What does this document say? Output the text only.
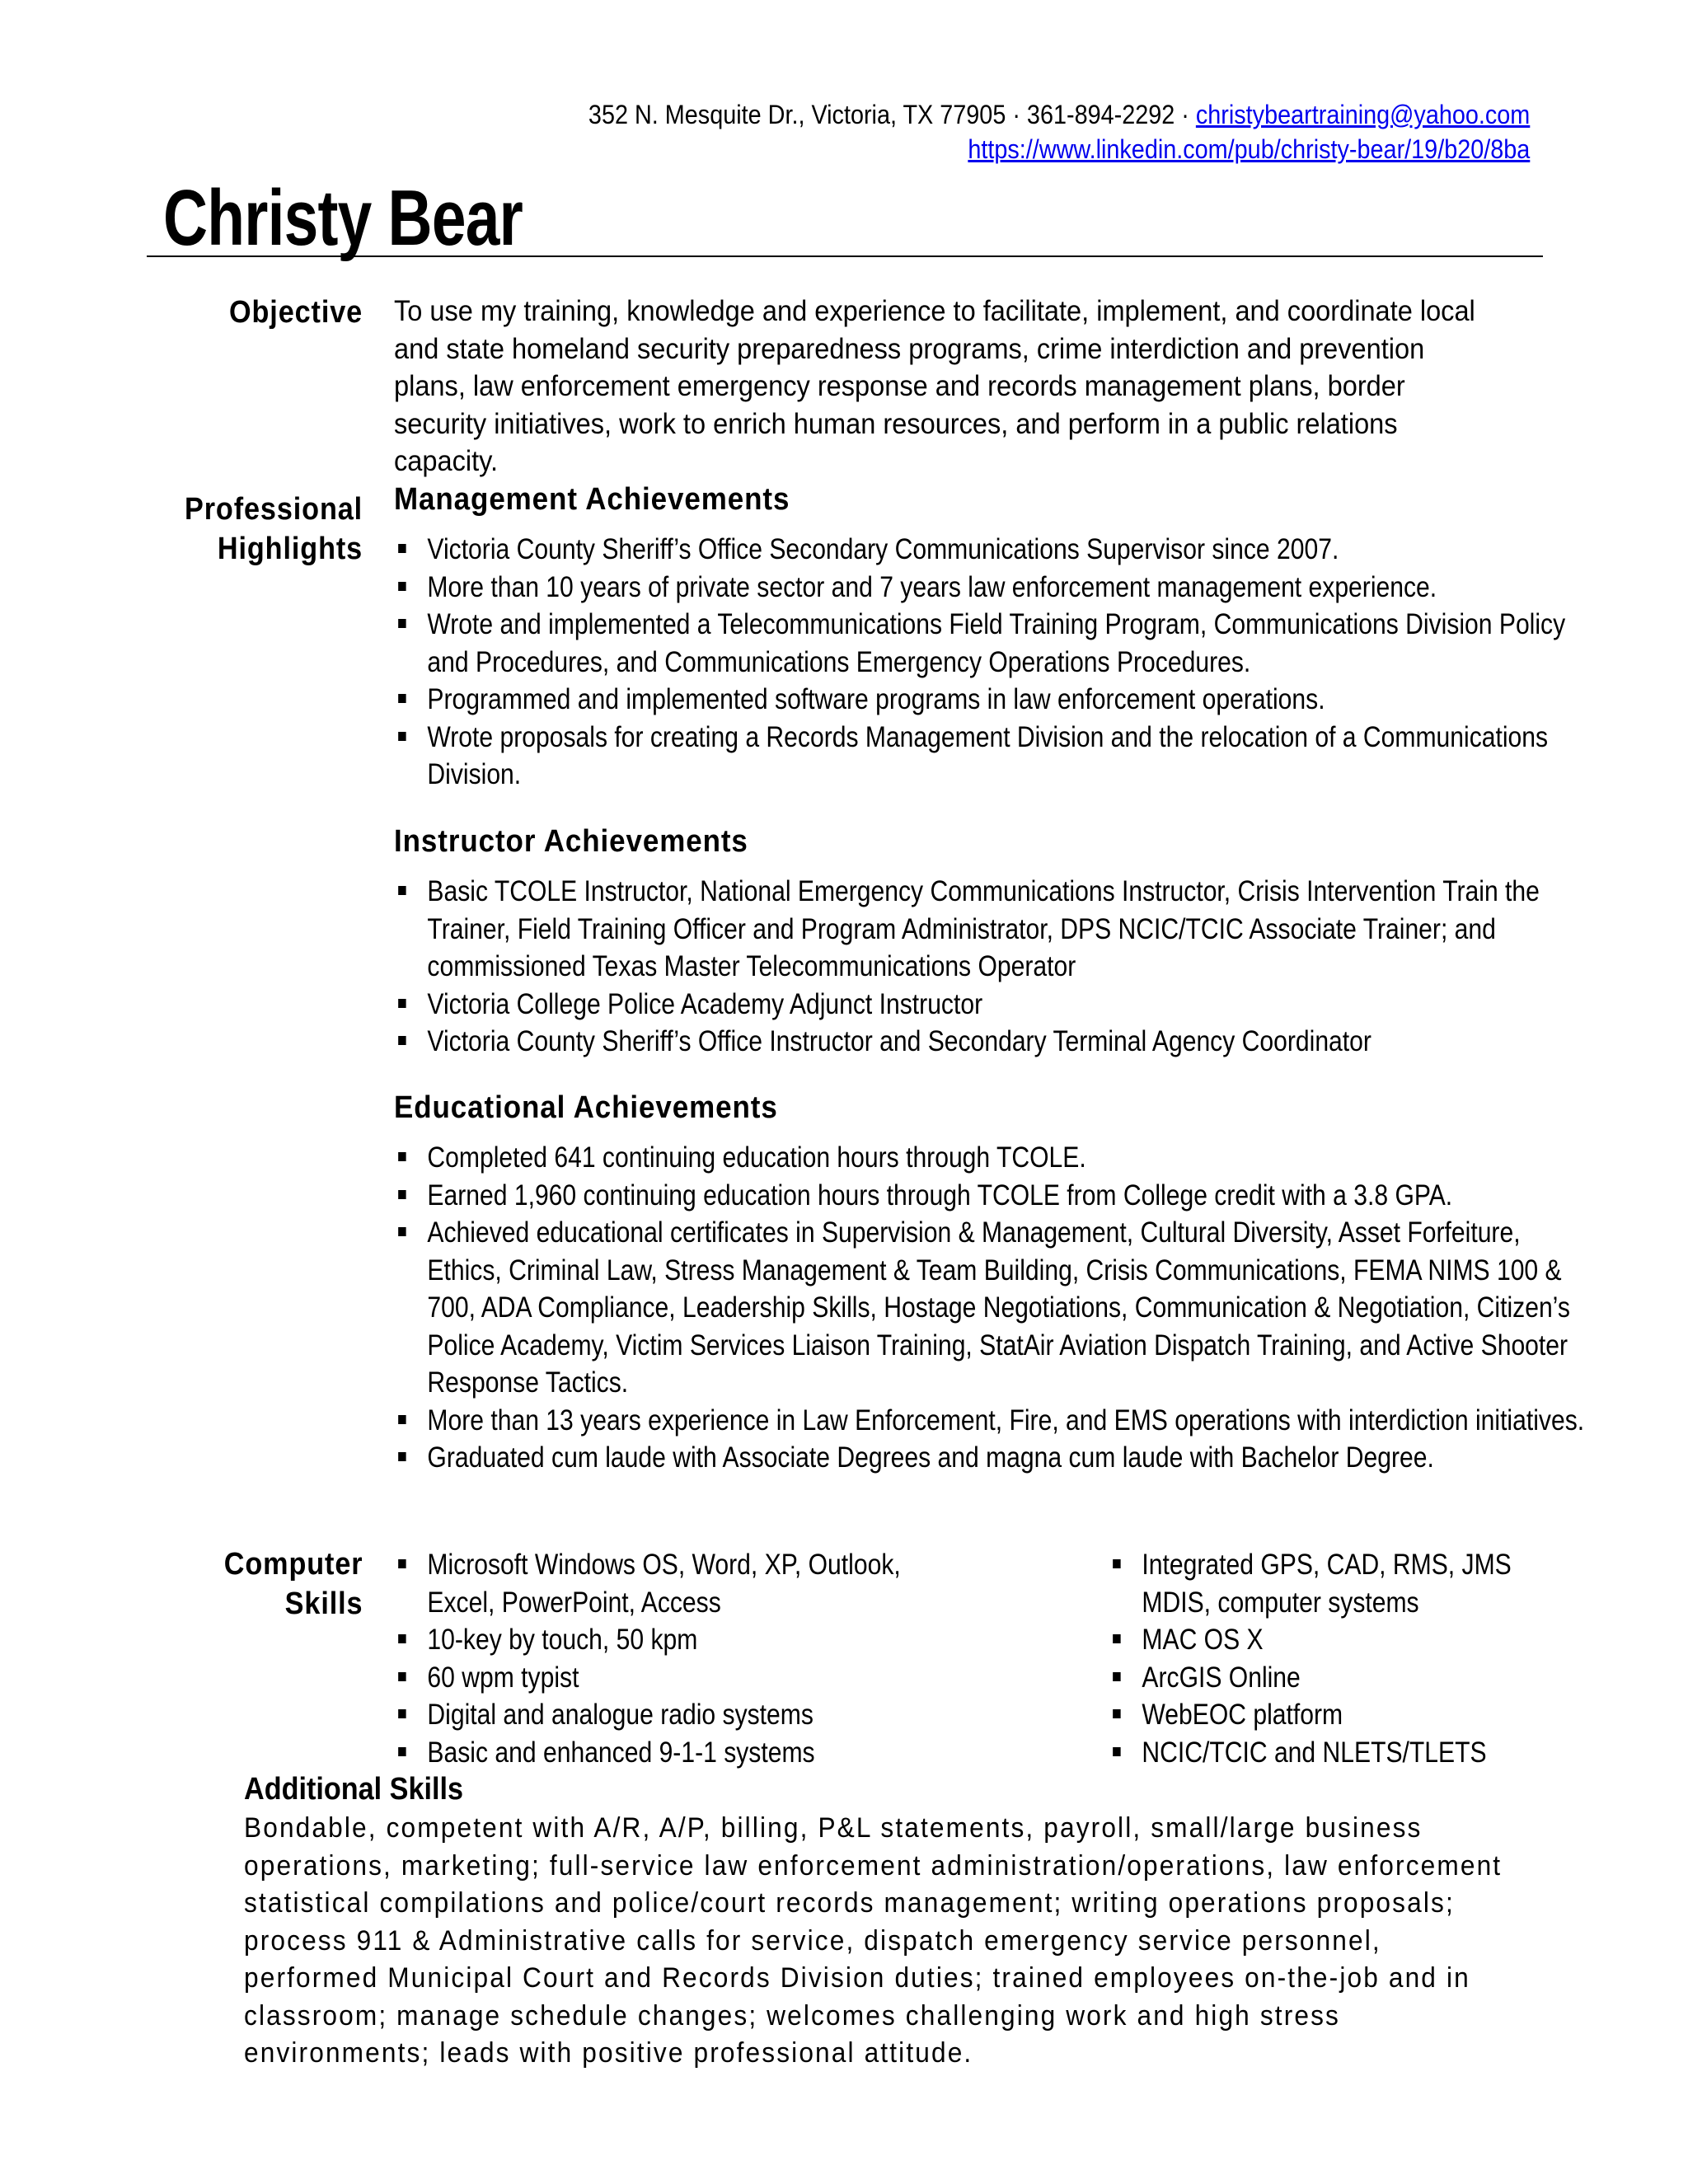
352 N. Mesquite Dr., Victoria, TX 77905 · 361-894-2292 · christybeartraining@yahoo.com
https://www.linkedin.com/pub/christy-bear/19/b20/8ba
Christy Bear
Objective To use my training, knowledge and experience to facilitate, implement, and coordinate local and state homeland security preparedness programs, crime interdiction and prevention plans, law enforcement emergency response and records management plans, border security initiatives, work to enrich human resources, and perform in a public relations capacity.
Professional
Highlights
Management Achievements
Victoria County Sheriff’s Office Secondary Communications Supervisor since 2007.
More than 10 years of private sector and 7 years law enforcement management experience.
Wrote and implemented a Telecommunications Field Training Program, Communications Division Policy and Procedures, and Communications Emergency Operations Procedures.
Programmed and implemented software programs in law enforcement operations.
Wrote proposals for creating a Records Management Division and the relocation of a Communications Division.
Instructor Achievements
Basic TCOLE Instructor, National Emergency Communications Instructor, Crisis Intervention Train the Trainer, Field Training Officer and Program Administrator, DPS NCIC/TCIC Associate Trainer; and commissioned Texas Master Telecommunications Operator
Victoria College Police Academy Adjunct Instructor
Victoria County Sheriff’s Office Instructor and Secondary Terminal Agency Coordinator
Educational Achievements
Completed 641 continuing education hours through TCOLE.
Earned 1,960 continuing education hours through TCOLE from College credit with a 3.8 GPA.
Achieved educational certificates in Supervision & Management, Cultural Diversity, Asset Forfeiture, Ethics, Criminal Law, Stress Management & Team Building, Crisis Communications, FEMA NIMS 100 & 700, ADA Compliance, Leadership Skills, Hostage Negotiations, Communication & Negotiation, Citizen’s Police Academy, Victim Services Liaison Training, StatAir Aviation Dispatch Training, and Active Shooter Response Tactics.
More than 13 years experience in Law Enforcement, Fire, and EMS operations with interdiction initiatives.
Graduated cum laude with Associate Degrees and magna cum laude with Bachelor Degree.
Computer
Skills
Microsoft Windows OS, Word, XP, Outlook, Excel, PowerPoint, Access
10-key by touch, 50 kpm
60 wpm typist
Digital and analogue radio systems
Basic and enhanced 9-1-1 systems
Integrated GPS, CAD, RMS, JMS MDIS, computer systems
MAC OS X
ArcGIS Online
WebEOC platform
NCIC/TCIC and NLETS/TLETS
Additional Skills
Bondable, competent with A/R, A/P, billing, P&L statements, payroll, small/large business operations, marketing; full-service law enforcement administration/operations, law enforcement statistical compilations and police/court records management; writing operations proposals; process 911 & Administrative calls for service, dispatch emergency service personnel, performed Municipal Court and Records Division duties; trained employees on-the-job and in classroom; manage schedule changes; welcomes challenging work and high stress environments; leads with positive professional attitude.
